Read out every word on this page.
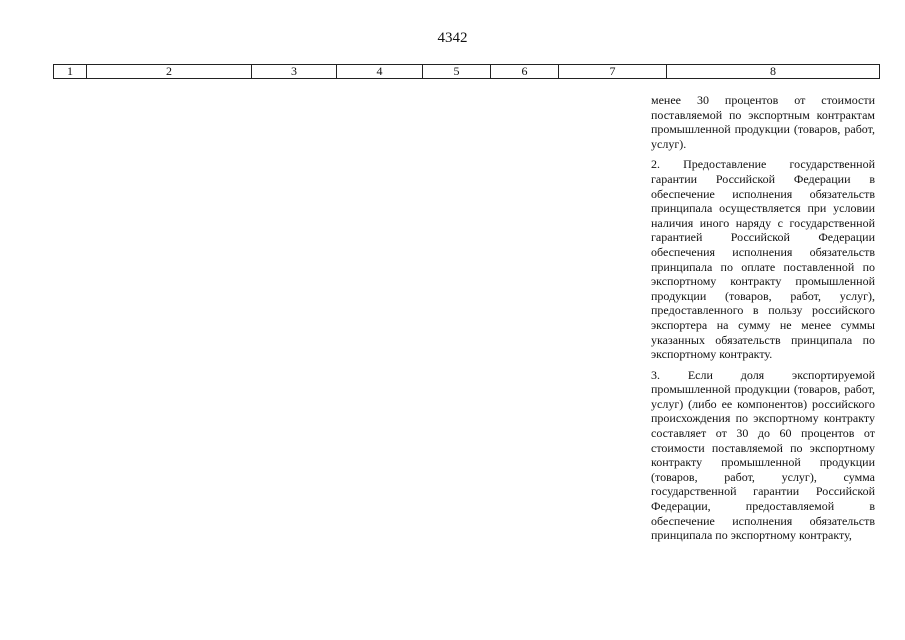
4342
1	2	3	4	5	6	7	8

менее 30 процентов от стоимости поставляемой по экспортным контрактам промышленной продукции (товаров, работ, услуг).

2. Предоставление государственной гарантии Российской Федерации в обеспечение исполнения обязательств принципала осуществляется при условии наличия иного наряду с государственной гарантией Российской Федерации обеспечения исполнения обязательств принципала по оплате поставленной по экспортному контракту промышленной продукции (товаров, работ, услуг), предоставленного в пользу российского экспортера на сумму не менее суммы указанных обязательств принципала по экспортному контракту.

3. Если доля экспортируемой промышленной продукции (товаров, работ, услуг) (либо ее компонентов) российского происхождения по экспортному контракту составляет от 30 до 60 процентов от стоимости поставляемой по экспортному контракту промышленной продукции (товаров, работ, услуг), сумма государственной гарантии Российской Федерации, предоставляемой в обеспечение исполнения обязательств принципала по экспортному контракту,
